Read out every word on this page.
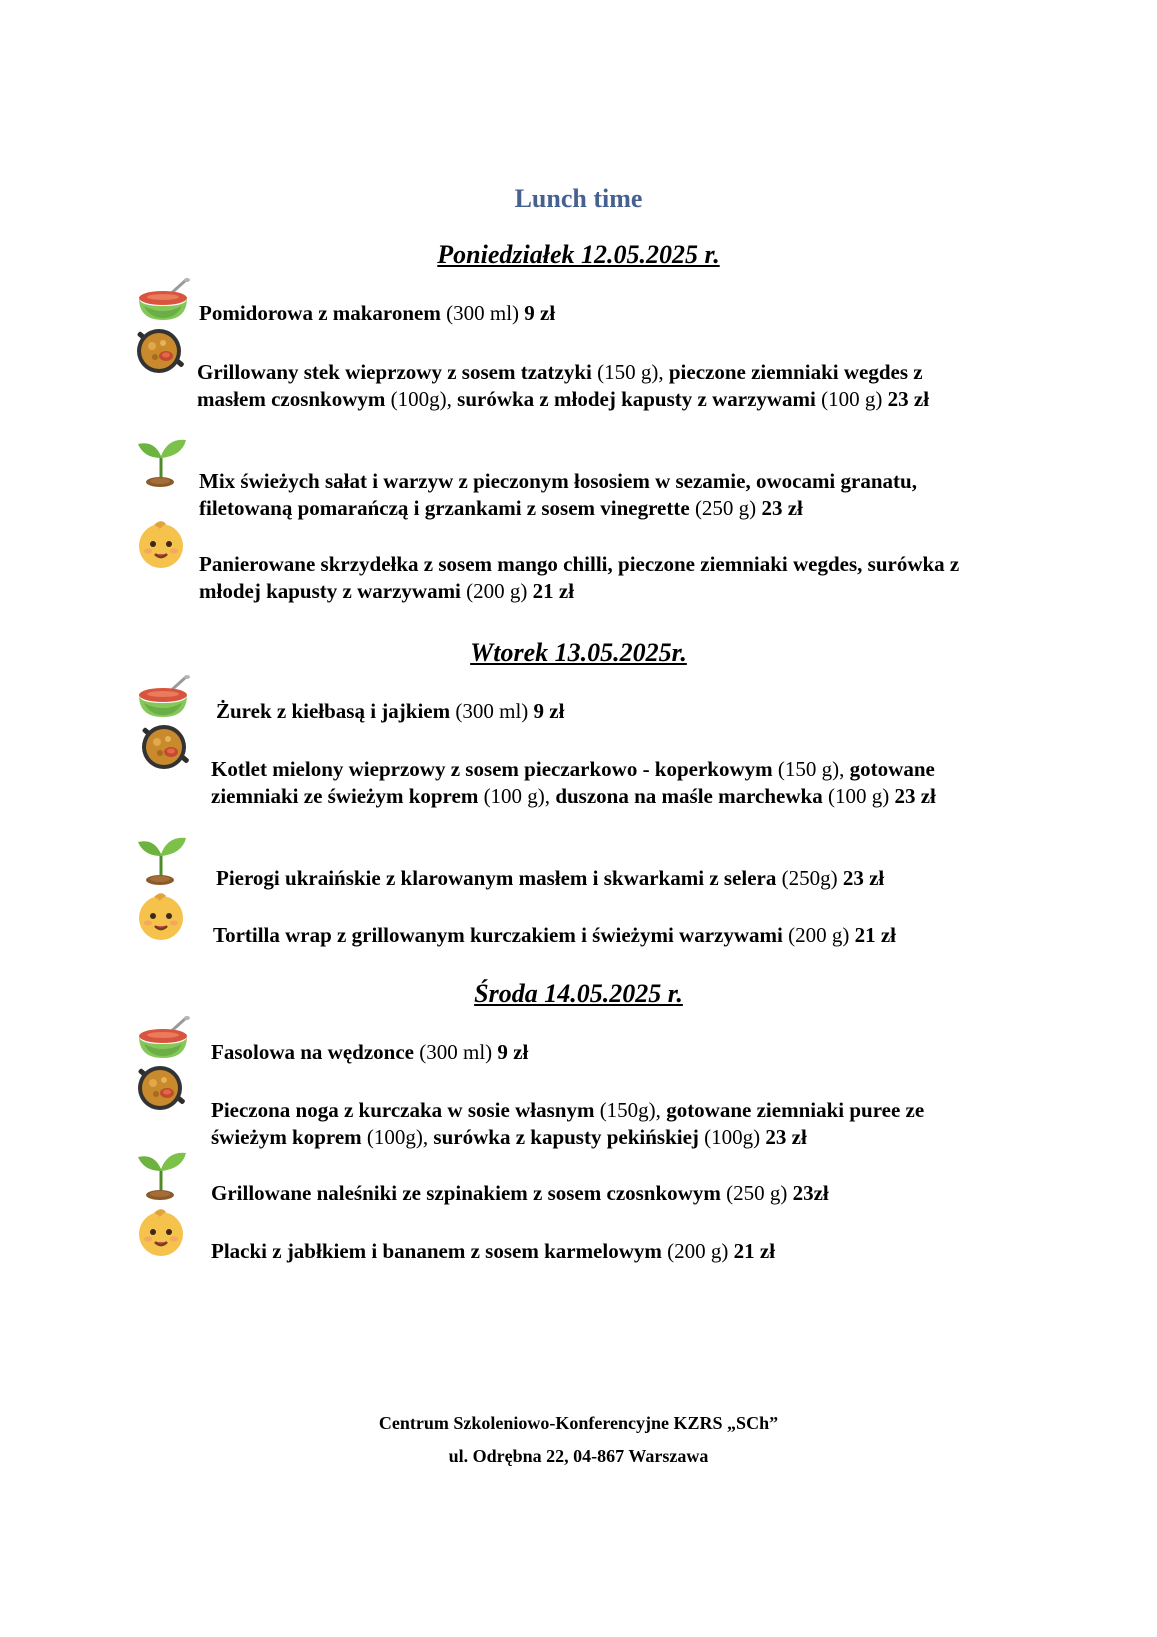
Lunch time
Poniedziałek 12.05.2025 r.
Pomidorowa z makaronem (300 ml) 9 zł
Grillowany stek wieprzowy z sosem tzatzyki (150 g), pieczone ziemniaki wegdes z masłem czosnkowym (100g), surówka z młodej kapusty z warzywami (100 g) 23 zł
Mix świeżych sałat i warzyw z pieczonym łososiem w sezamie, owocami granatu, filetowaną pomarańczą i grzankami z sosem vinegrette (250 g) 23 zł
Panierowane skrzydełka z sosem mango chilli, pieczone ziemniaki wegdes, surówka z młodej kapusty z warzywami (200 g) 21 zł
Wtorek 13.05.2025r.
Żurek z kiełbasą i jajkiem (300 ml) 9 zł
Kotlet mielony wieprzowy z sosem pieczarkowo - koperkowym (150 g), gotowane ziemniaki ze świeżym koprem (100 g), duszona na maśle marchewka (100 g) 23 zł
Pierogi ukraińskie z klarowanym masłem i skwarkami z selera (250g) 23 zł
Tortilla wrap z grillowanym kurczakiem i świeżymi warzywami (200 g) 21 zł
Środa 14.05.2025 r.
Fasolowa na wędzonce (300 ml) 9 zł
Pieczona noga z kurczaka w sosie własnym (150g), gotowane ziemniaki puree ze świeżym koprem (100g), surówka z kapusty pekińskiej (100g) 23 zł
Grillowane naleśniki ze szpinakiem z sosem czosnkowym (250 g) 23zł
Placki z jabłkiem i bananem z sosem karmelowym (200 g) 21 zł
Centrum Szkoleniowo-Konferencyjne KZRS „SCh”
ul. Odrębna 22, 04-867 Warszawa
